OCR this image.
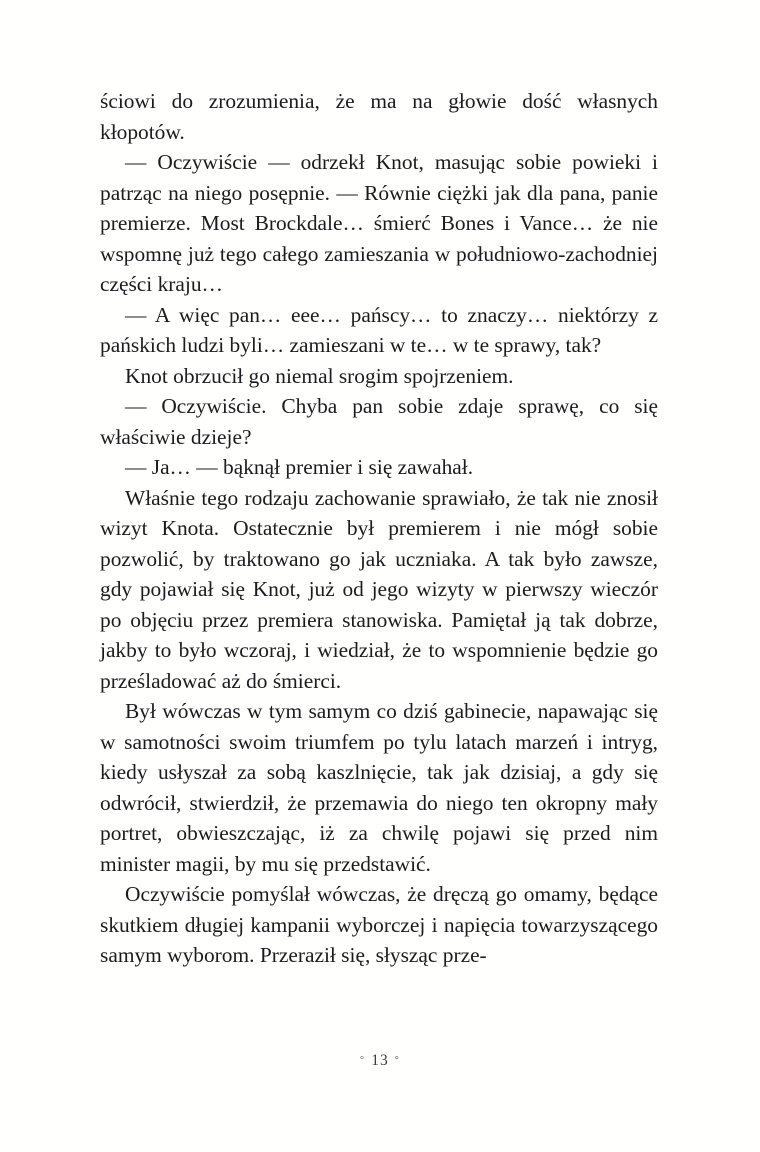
ściowi do zrozumienia, że ma na głowie dość własnych kłopotów.

— Oczywiście — odrzekł Knot, masując sobie powieki i patrząc na niego posępnie. — Równie ciężki jak dla pana, panie premierze. Most Brockdale… śmierć Bones i Vance… że nie wspomnę już tego całego zamieszania w południowo-zachodniej części kraju…

— A więc pan… eee… pańscy… to znaczy… niektórzy z pańskich ludzi byli… zamieszani w te… w te sprawy, tak?

Knot obrzucił go niemal srogim spojrzeniem.

— Oczywiście. Chyba pan sobie zdaje sprawę, co się właściwie dzieje?

— Ja… — bąknął premier i się zawahał.

Właśnie tego rodzaju zachowanie sprawiało, że tak nie znosił wizyt Knota. Ostatecznie był premierem i nie mógł sobie pozwolić, by traktowano go jak uczniaka. A tak było zawsze, gdy pojawiał się Knot, już od jego wizyty w pierwszy wieczór po objęciu przez premiera stanowiska. Pamiętał ją tak dobrze, jakby to było wczoraj, i wiedział, że to wspomnienie będzie go prześladować aż do śmierci.

Był wówczas w tym samym co dziś gabinecie, napawając się w samotności swoim triumfem po tylu latach marzeń i intryg, kiedy usłyszał za sobą kaszlnięcie, tak jak dzisiaj, a gdy się odwrócił, stwierdził, że przemawia do niego ten okropny mały portret, obwieszczając, iż za chwilę pojawi się przed nim minister magii, by mu się przedstawić.

Oczywiście pomyślał wówczas, że dręczą go omamy, będące skutkiem długiej kampanii wyborczej i napięcia towarzyszącego samym wyborom. Przeraził się, słysząc prze-

° 13 °
